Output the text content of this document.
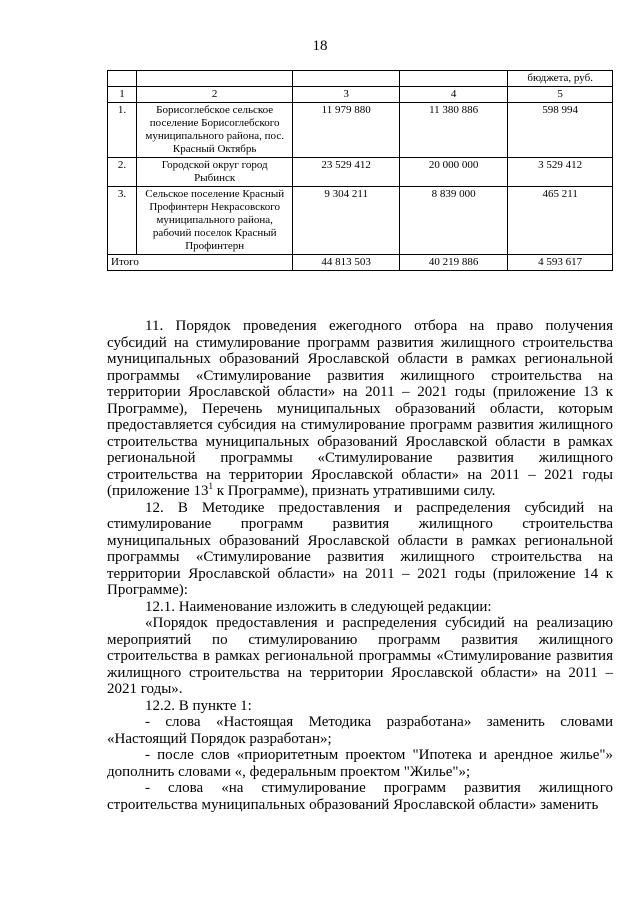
18
				бюджета, руб.
1	2	3	4	5
1.	Борисоглебское сельское поселение Борисоглебского муниципального района, пос. Красный Октябрь	11 979 880	11 380 886	598 994
2.	Городской округ город Рыбинск	23 529 412	20 000 000	3 529 412
3.	Сельское поселение Красный Профинтерн Некрасовского муниципального района, рабочий поселок Красный Профинтерн	9 304 211	8 839 000	465 211
Итого		44 813 503	40 219 886	4 593 617

11. Порядок проведения ежегодного отбора на право получения субсидий на стимулирование программ развития жилищного строительства муниципальных образований Ярославской области в рамках региональной программы «Стимулирование развития жилищного строительства на территории Ярославской области» на 2011 – 2021 годы (приложение 13 к Программе), Перечень муниципальных образований области, которым предоставляется субсидия на стимулирование программ развития жилищного строительства муниципальных образований Ярославской области в рамках региональной программы «Стимулирование развития жилищного строительства на территории Ярославской области» на 2011 – 2021 годы (приложение $13^1$ к Программе), признать утратившими силу.

12. В Методике предоставления и распределения субсидий на стимулирование программ развития жилищного строительства муниципальных образований Ярославской области в рамках региональной программы «Стимулирование развития жилищного строительства на территории Ярославской области» на 2011 – 2021 годы (приложение 14 к Программе):

12.1. Наименование изложить в следующей редакции:

«Порядок предоставления и распределения субсидий на реализацию мероприятий по стимулированию программ развития жилищного строительства в рамках региональной программы «Стимулирование развития жилищного строительства на территории Ярославской области» на 2011 – 2021 годы».

12.2. В пункте 1:

- слова «Настоящая Методика разработана» заменить словами «Настоящий Порядок разработан»;

- после слов «приоритетным проектом "Ипотека и арендное жилье"» дополнить словами «, федеральным проектом "Жилье"»;

- слова «на стимулирование программ развития жилищного строительства муниципальных образований Ярославской области» заменить
